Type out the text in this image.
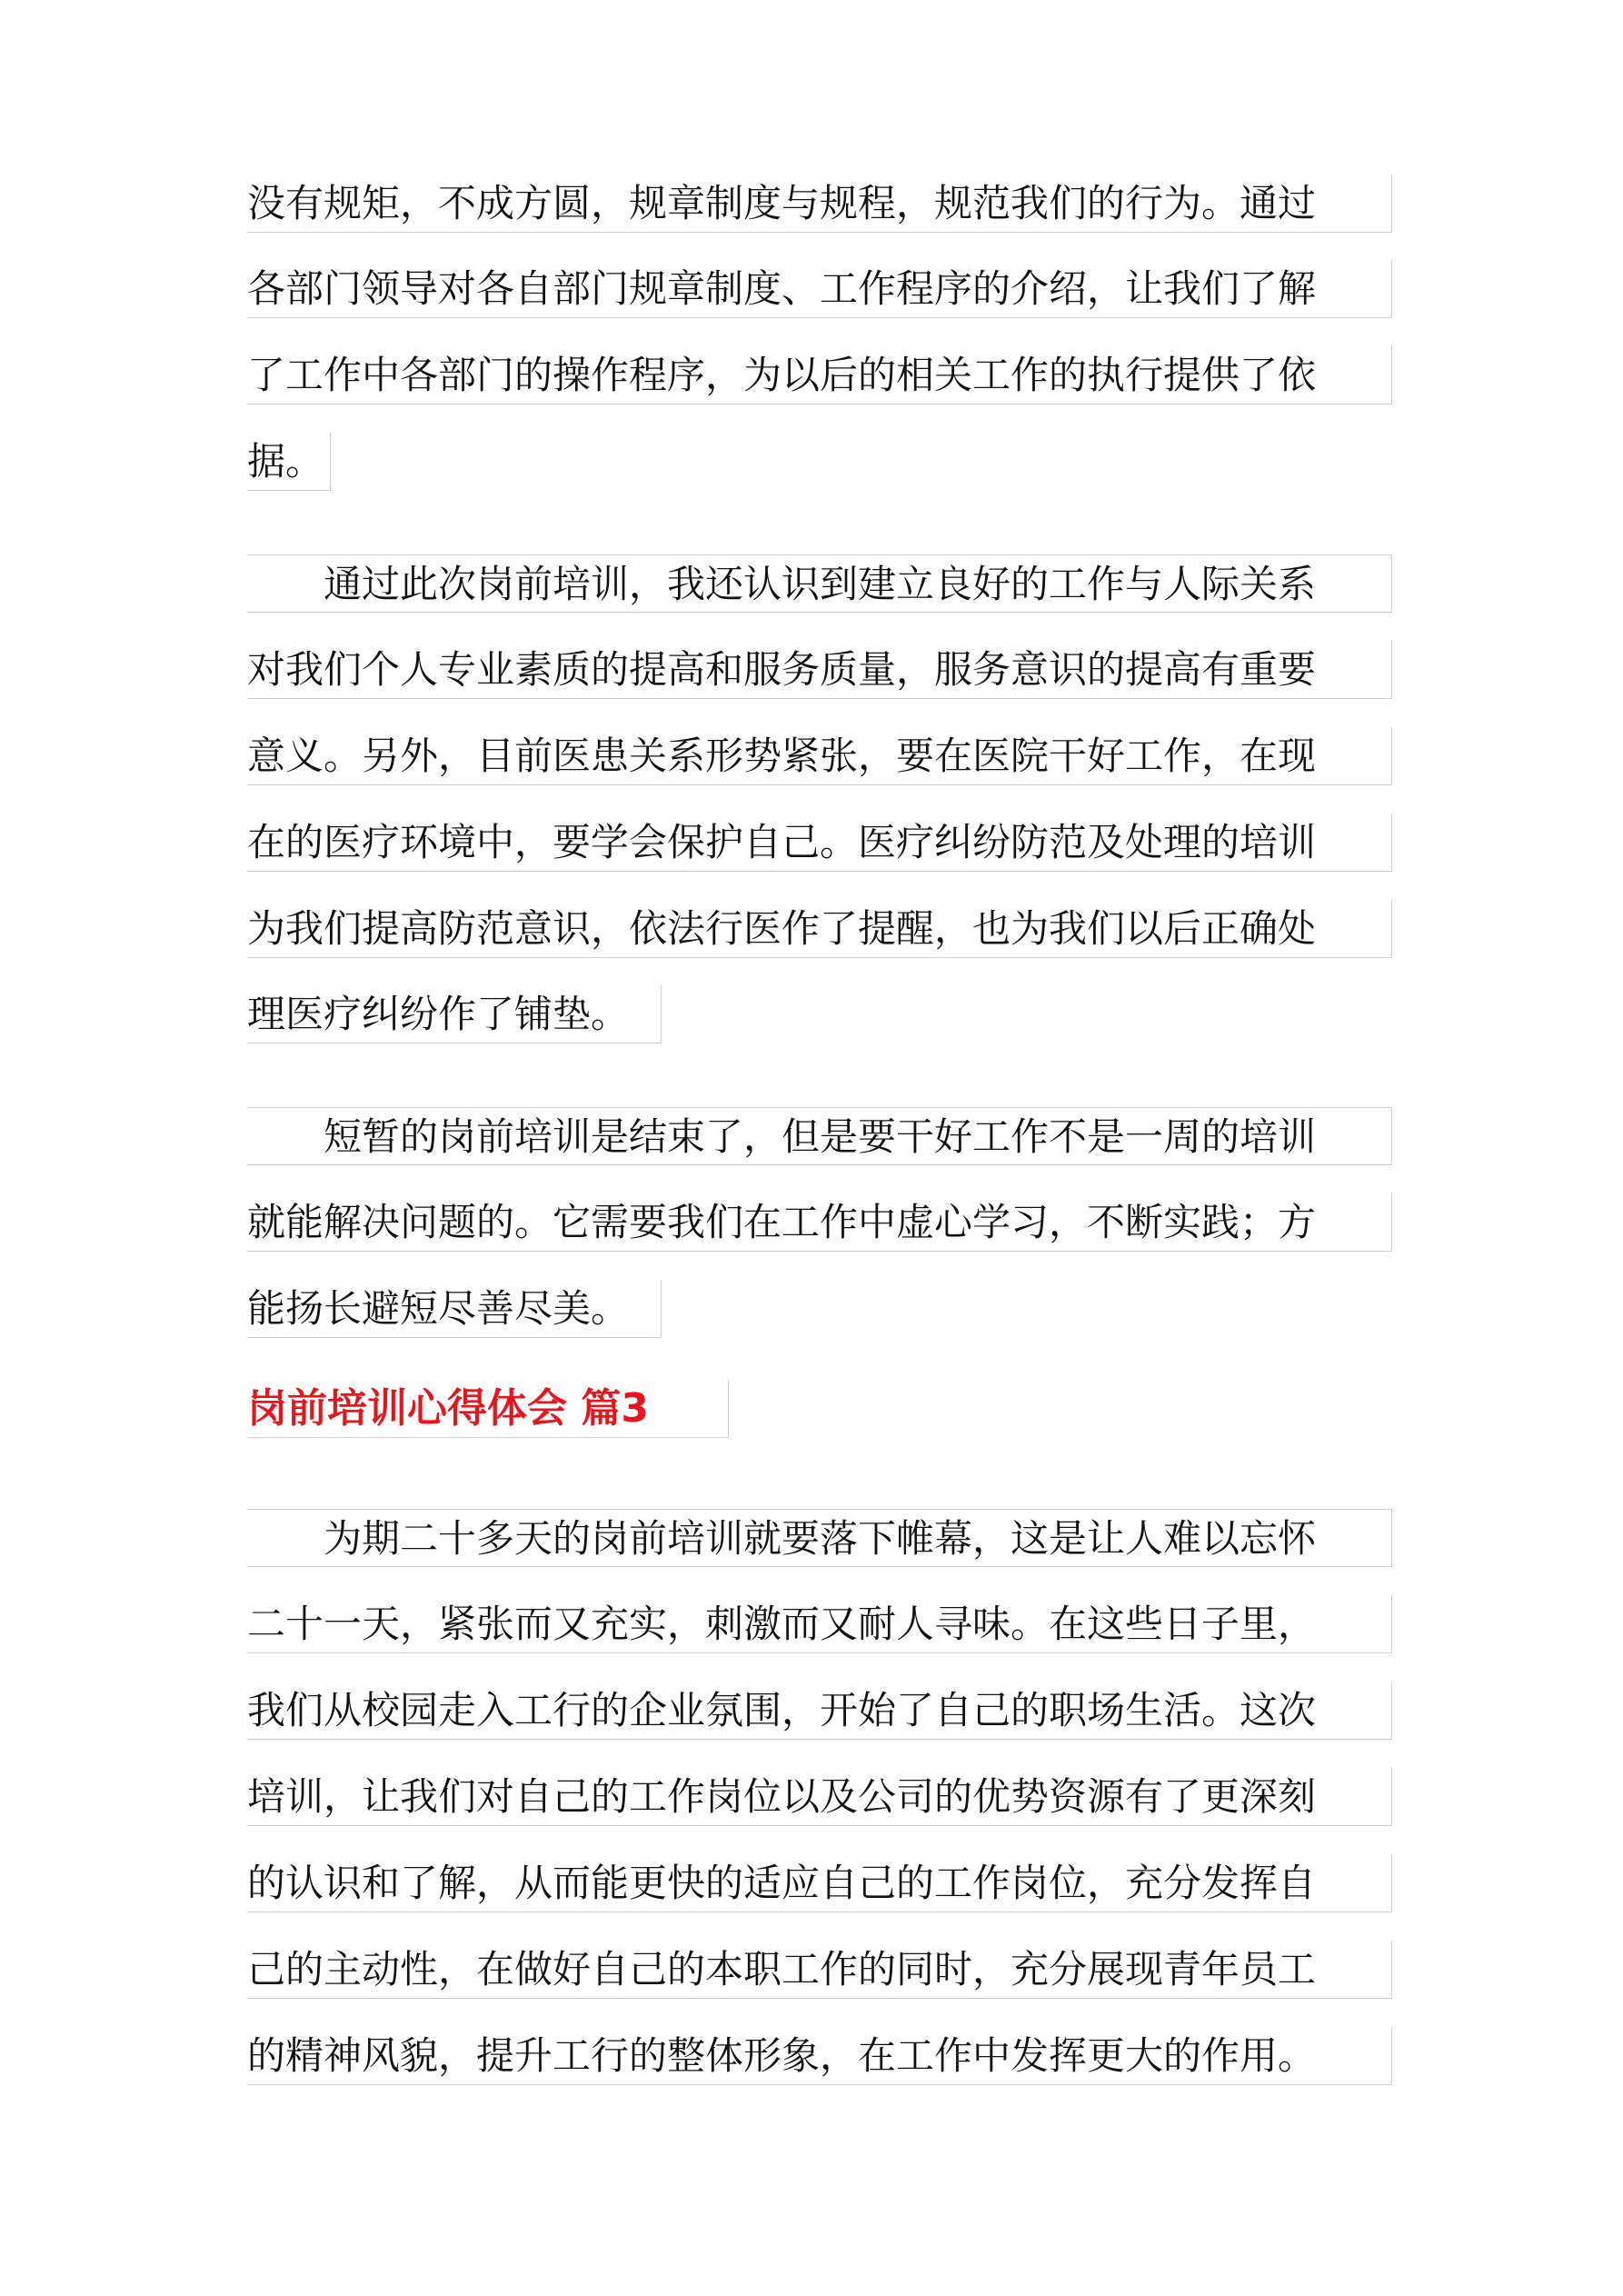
没有规矩，不成方圆，规章制度与规程，规范我们的行为。通过
各部门领导对各自部门规章制度、工作程序的介绍，让我们了解
了工作中各部门的操作程序，为以后的相关工作的执行提供了依
据。
　　通过此次岗前培训，我还认识到建立良好的工作与人际关系
对我们个人专业素质的提高和服务质量，服务意识的提高有重要
意义。另外，目前医患关系形势紧张，要在医院干好工作，在现
在的医疗环境中，要学会保护自己。医疗纠纷防范及处理的培训
为我们提高防范意识，依法行医作了提醒，也为我们以后正确处
理医疗纠纷作了铺垫。
　　短暂的岗前培训是结束了，但是要干好工作不是一周的培训
就能解决问题的。它需要我们在工作中虚心学习，不断实践；方
能扬长避短尽善尽美。
岗前培训心得体会 篇3
　　为期二十多天的岗前培训就要落下帷幕，这是让人难以忘怀
二十一天，紧张而又充实，刺激而又耐人寻味。在这些日子里，
我们从校园走入工行的企业氛围，开始了自己的职场生活。这次
培训，让我们对自己的工作岗位以及公司的优势资源有了更深刻
的认识和了解，从而能更快的适应自己的工作岗位，充分发挥自
己的主动性，在做好自己的本职工作的同时，充分展现青年员工
的精神风貌，提升工行的整体形象，在工作中发挥更大的作用。
